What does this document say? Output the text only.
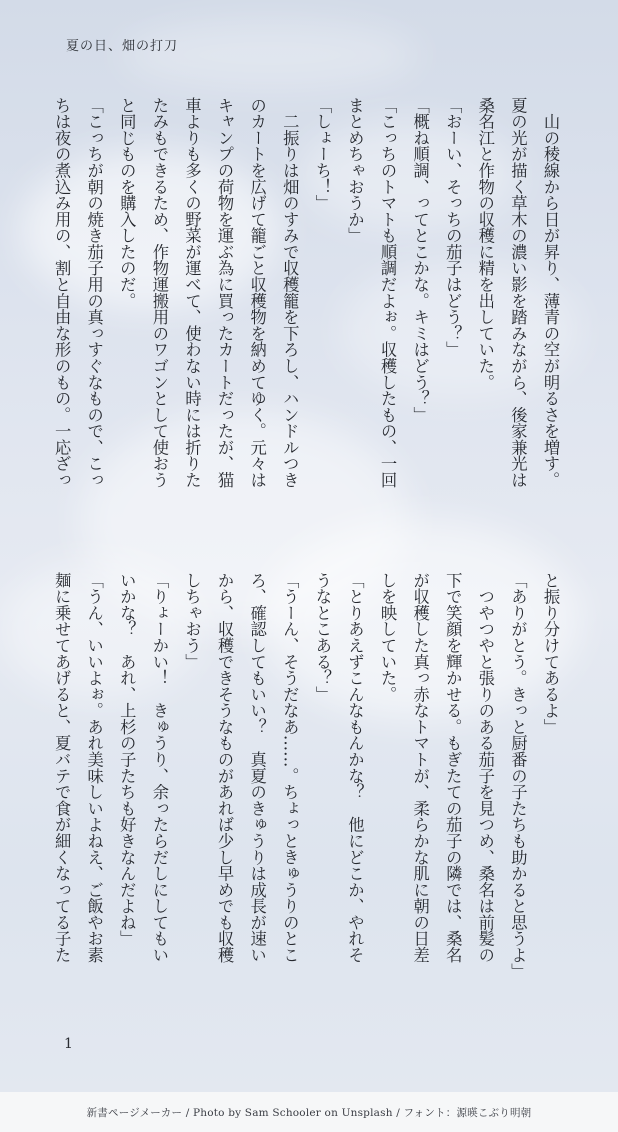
夏の日、畑の打刀
　山の稜線から日が昇り、薄青の空が明るさを増す。
夏の光が描く草木の濃い影を踏みながら、後家兼光は
桑名江と作物の収穫に精を出していた。
「おーい、そっちの茄子はどう？」
「概ね順調、ってとこかな。キミはどう？」
「こっちのトマトも順調だよぉ。収穫したもの、一回
まとめちゃおうか」
「しょーち！」
　二振りは畑のすみで収穫籠を下ろし、ハンドルつき
のカートを広げて籠ごと収穫物を納めてゆく。元々は
キャンプの荷物を運ぶ為に買ったカートだったが、猫
車よりも多くの野菜が運べて、使わない時には折りた
たみもできるため、作物運搬用のワゴンとして使おう
と同じものを購入したのだ。
「こっちが朝の焼き茄子用の真っすぐなもので、こっ
ちは夜の煮込み用の、割と自由な形のもの。一応ざっ
と振り分けてあるよ」
「ありがとう。きっと厨番の子たちも助かると思うよ」
　つやつやと張りのある茄子を見つめ、桑名は前髪の
下で笑顔を輝かせる。もぎたての茄子の隣では、桑名
が収穫した真っ赤なトマトが、柔らかな肌に朝の日差
しを映していた。
「とりあえずこんなもんかな？　他にどこか、やれそ
うなとこある？」
「うーん、そうだなあ……。ちょっときゅうりのとこ
ろ、確認してもいい？　真夏のきゅうりは成長が速い
から、収穫できそうなものがあれば少し早めでも収穫
しちゃおう」
「りょーかい！　きゅうり、余ったらだしにしてもい
いかな？　あれ、上杉の子たちも好きなんだよね」
「うん、いいよぉ。あれ美味しいよねえ、ご飯やお素
麺に乗せてあげると、夏バテで食が細くなってる子た
1
新書ページメーカー / Photo by Sam Schooler on Unsplash / フォント：源暎こぶり明朝
